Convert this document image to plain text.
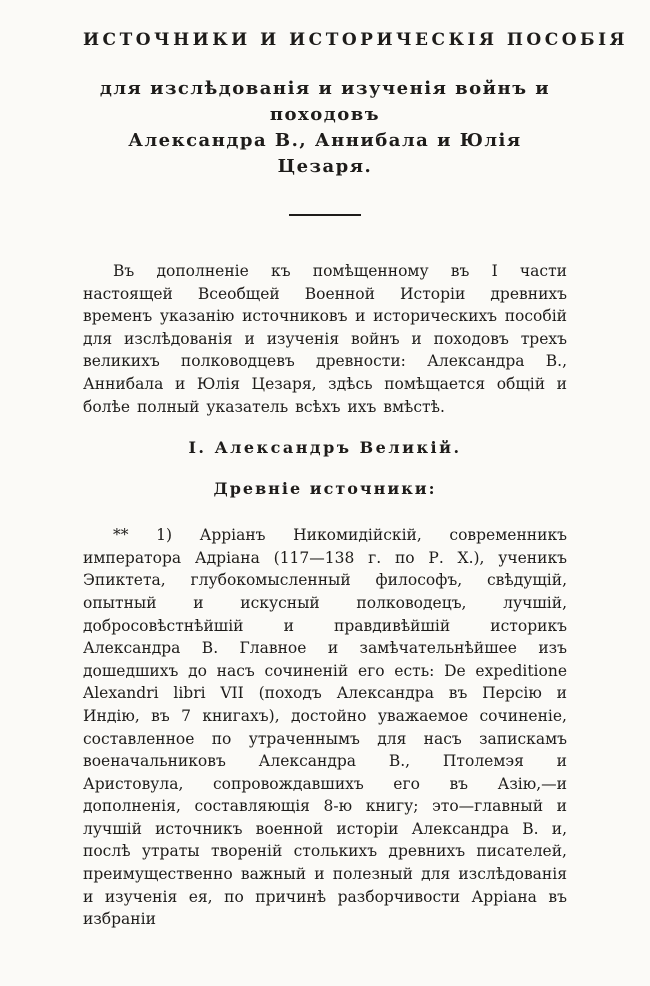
ИСТОЧНИКИ И ИСТОРИЧЕСКІЯ ПОСОБІЯ
для изслѣдованія и изученія войнъ и походовъ
Александра В., Аннибала и Юлія Цезаря.

Въ дополненіе къ помѣщенному въ I части настоящей Всеобщей Военной Исторіи древнихъ временъ указанію источниковъ и историческихъ пособій для изслѣдованія и изученія войнъ и походовъ трехъ великихъ полководцевъ древности: Александра В., Аннибала и Юлія Цезаря, здѣсь помѣщается общій и болѣе полный указатель всѣхъ ихъ вмѣстѣ.

І. Александръ Великій.
Древніе источники:

** 1) Арріанъ Никомидійскій, современникъ императора Адріана (117—138 г. по Р. Х.), ученикъ Эпиктета, глубокомысленный философъ, свѣдущій, опытный и искусный полководецъ, лучшій, добросовѣстнѣйшій и правдивѣйшій историкъ Александра В. Главное и замѣчательнѣйшее изъ дошедшихъ до насъ сочиненій его есть: De expeditione Alexandri libri VII (походъ Александра въ Персію и Индію, въ 7 книгахъ), достойно уважаемое сочиненіе, составленное по утраченнымъ для насъ запискамъ военачальниковъ Александра В., Птолемэя и Аристовула, сопровождавшихъ его въ Азію,—и дополненія, составляющія 8-ю книгу; это—главный и лучшій источникъ военной исторіи Александра В. и, послѣ утраты твореній столькихъ древнихъ писателей, преимущественно важный и полезный для изслѣдованія и изученія ея, по причинѣ разборчивости Арріана въ избраніи
